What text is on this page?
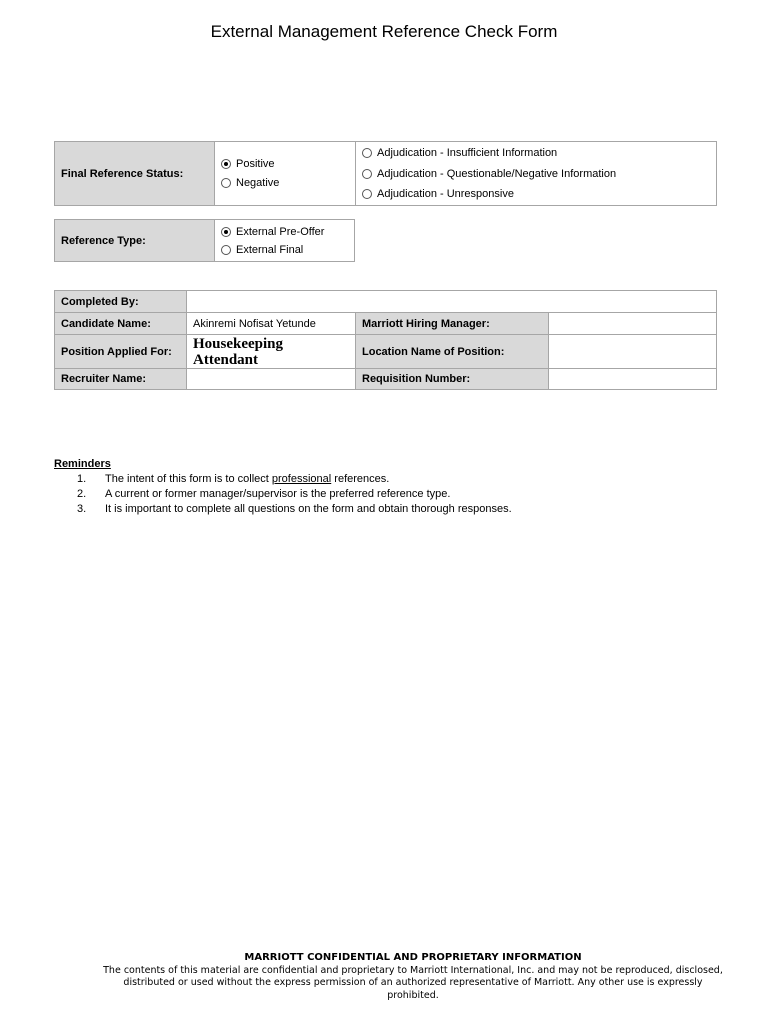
External Management Reference Check Form
Final Reference Status:	
Positive
Negative

Adjudication - Insufficient Information
Adjudication - Questionable/Negative Information
Adjudication - Unresponsive
Reference Type:	
External Pre-Offer
External Final
Completed By:			
Candidate Name:	Akinremi Nofisat Yetunde	Marriott Hiring Manager:	
Position Applied For:	Housekeeping Attendant	Location Name of Position:	
Recruiter Name:		Requisition Number:	
Reminders
1.	The intent of this form is to collect professional references.
2.	A current or former manager/supervisor is the preferred reference type.
3.	It is important to complete all questions on the form and obtain thorough responses.
MARRIOTT CONFIDENTIAL AND PROPRIETARY INFORMATION
The contents of this material are confidential and proprietary to Marriott International, Inc. and may not be reproduced, disclosed, distributed or used without the express permission of an authorized representative of Marriott. Any other use is expressly prohibited.
